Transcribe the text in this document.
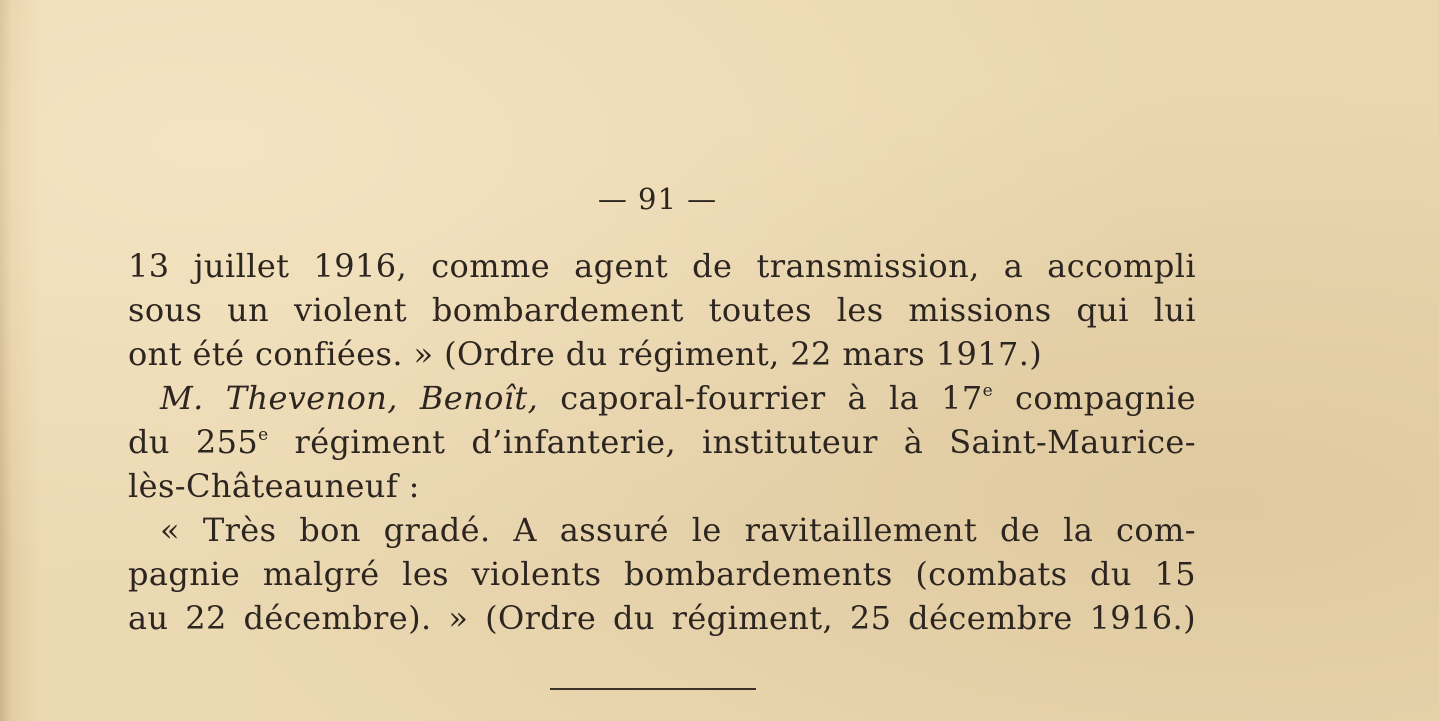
— 91 —
13 juillet 1916, comme agent de transmission, a accompli
sous un violent bombardement toutes les missions qui lui
ont été confiées. » (Ordre du régiment, 22 mars 1917.)
M. Thevenon, Benoît, caporal-fourrier à la 17e compagnie
du 255e régiment d’infanterie, instituteur à Saint-Maurice-
lès-Châteauneuf :
« Très bon gradé. A assuré le ravitaillement de la com-
pagnie malgré les violents bombardements (combats du 15
au 22 décembre). » (Ordre du régiment, 25 décembre 1916.)
